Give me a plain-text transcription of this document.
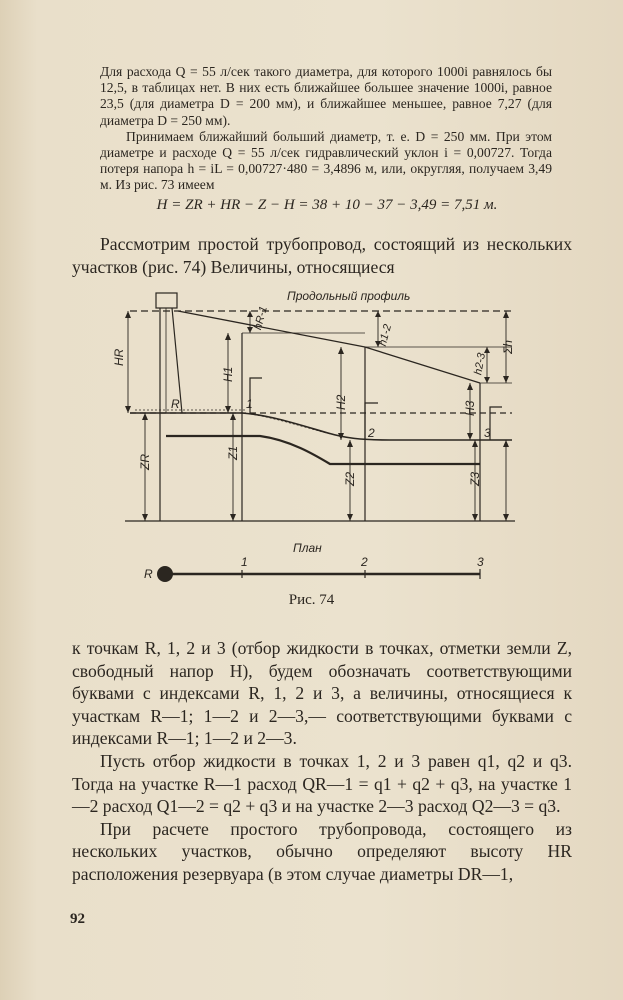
Для расхода Q = 55 л/сек такого диаметра, для которого 1000i равнялось бы 12,5, в таблицах нет. В них есть ближайшее большее значение 1000i, равное 23,5 (для диаметра D = 200 мм), и ближайшее меньшее, равное 7,27 (для диаметра D = 250 мм).

Принимаем ближайший больший диаметр, т. е. D = 250 мм. При этом диаметре и расходе Q = 55 л/сек гидравлический уклон i = 0,00727. Тогда потеря напора h = iL = 0,00727·480 = 3,4896 м, или, округляя, получаем 3,49 м. Из рис. 73 имеем

H = ZR + HR − Z − H = 38 + 10 − 37 − 3,49 = 7,51 м.

Рассмотрим простой трубопровод, состоящий из нескольких участков (рис. 74) Величины, относящиеся

Продольный профиль
HR
hR-1
h1-2
h2-3
Σh
H1
H2	H3
ZR
Z1
Z2	Z3
R	1
2	3
План
R
1	2	3
Рис. 74

к точкам R, 1, 2 и 3 (отбор жидкости в точках, отметки земли Z, свободный напор H), будем обозначать соответствующими буквами с индексами R, 1, 2 и 3, а величины, относящиеся к участкам R—1; 1—2 и 2—3,— соответствующими буквами с индексами R—1; 1—2 и 2—3.

Пусть отбор жидкости в точках 1, 2 и 3 равен q1, q2 и q3. Тогда на участке R—1 расход QR—1 = q1 + q2 + q3, на участке 1—2 расход Q1—2 = q2 + q3 и на участке 2—3 расход Q2—3 = q3.

При расчете простого трубопровода, состоящего из нескольких участков, обычно определяют высоту HR расположения резервуара (в этом случае диаметры DR—1,

92
